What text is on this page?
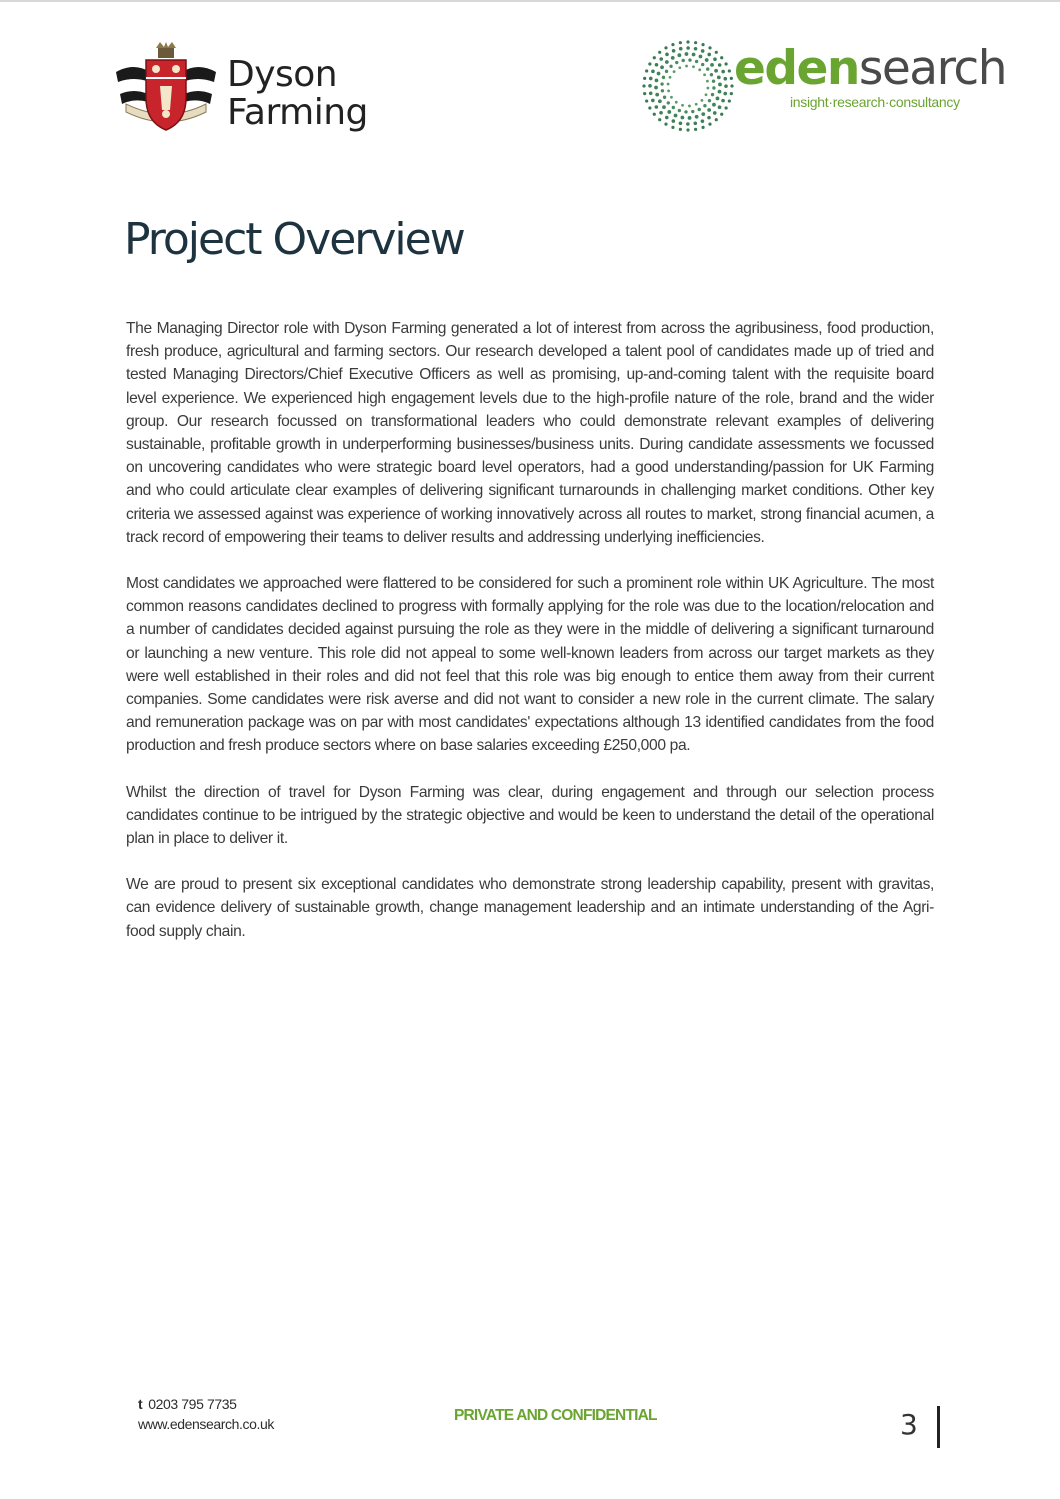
Dyson
Farming
edensearch
insight·research·consultancy
Project Overview

The Managing Director role with Dyson Farming generated a lot of interest from across the agribusiness, food production, fresh produce, agricultural and farming sectors. Our research developed a talent pool of candidates made up of tried and tested Managing Directors/Chief Executive Officers as well as promising, up-and-coming talent with the requisite board level experience. We experienced high engagement levels due to the high-profile nature of the role, brand and the wider group. Our research focussed on transformational leaders who could demonstrate relevant examples of delivering sustainable, profitable growth in underperforming businesses/business units. During candidate assessments we focussed on uncovering candidates who were strategic board level operators, had a good understanding/passion for UK Farming and who could articulate clear examples of delivering significant turnarounds in challenging market conditions. Other key criteria we assessed against was experience of working innovatively across all routes to market, strong financial acumen, a track record of empowering their teams to deliver results and addressing underlying inefficiencies.

Most candidates we approached were flattered to be considered for such a prominent role within UK Agriculture. The most common reasons candidates declined to progress with formally applying for the role was due to the location/relocation and a number of candidates decided against pursuing the role as they were in the middle of delivering a significant turnaround or launching a new venture. This role did not appeal to some well-known leaders from across our target markets as they were well established in their roles and did not feel that this role was big enough to entice them away from their current companies. Some candidates were risk averse and did not want to consider a new role in the current climate. The salary and remuneration package was on par with most candidates' expectations although 13 identified candidates from the food production and fresh produce sectors where on base salaries exceeding £250,000 pa.

Whilst the direction of travel for Dyson Farming was clear, during engagement and through our selection process candidates continue to be intrigued by the strategic objective and would be keen to understand the detail of the operational plan in place to deliver it.

We are proud to present six exceptional candidates who demonstrate strong leadership capability, present with gravitas, can evidence delivery of sustainable growth, change management leadership and an intimate understanding of the Agri-food supply chain.

t 0203 795 7735
www.edensearch.co.uk	PRIVATE AND CONFIDENTIAL	3
